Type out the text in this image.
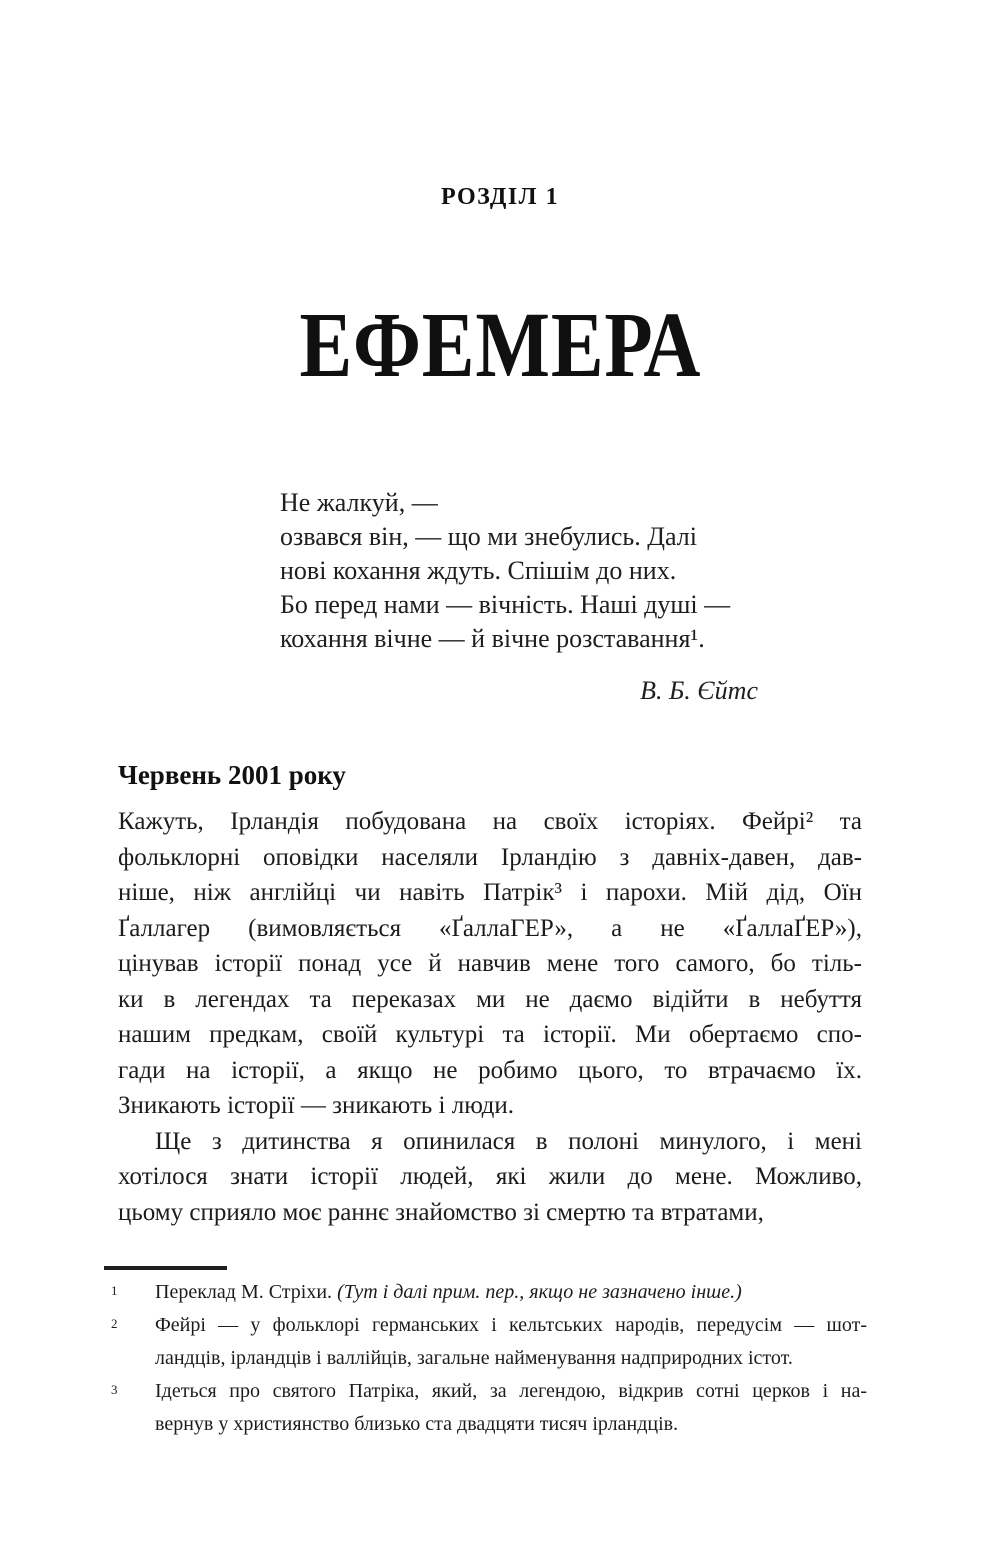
РОЗДІЛ 1
ЕФЕМЕРА
Не жалкуй, —
озвався він, — що ми знебулись. Далі
нові кохання ждуть. Спішім до них.
Бо перед нами — вічність. Наші душі —
кохання вічне — й вічне розставання¹.
В. Б. Єйтс
Червень 2001 року
Кажуть, Ірландія побудована на своїх історіях. Фейрі² та
фольклорні оповідки населяли Ірландію з давніх-давен, дав-
ніше, ніж англійці чи навіть Патрік³ і парохи. Мій дід, Оїн
Ґаллагер (вимовляється «ҐаллаГЕР», а не «ҐаллаҐЕР»),
цінував історії понад усе й навчив мене того самого, бо тіль-
ки в легендах та переказах ми не даємо відійти в небуття
нашим предкам, своїй культурі та історії. Ми обертаємо спо-
гади на історії, а якщо не робимо цього, то втрачаємо їх.
Зникають історії — зникають і люди.
Ще з дитинства я опинилася в полоні минулого, і мені
хотілося знати історії людей, які жили до мене. Можливо,
цьому сприяло моє раннє знайомство зі смертю та втратами,
1	Переклад М. Стріхи. (Тут і далі прим. пер., якщо не зазначено інше.)
2	Фейрі — у фольклорі германських і кельтських народів, передусім — шот-
ландців, ірландців і валлійців, загальне найменування надприродних істот.
3	Ідеться про святого Патріка, який, за легендою, відкрив сотні церков і на-
вернув у християнство близько ста двадцяти тисяч ірландців.
